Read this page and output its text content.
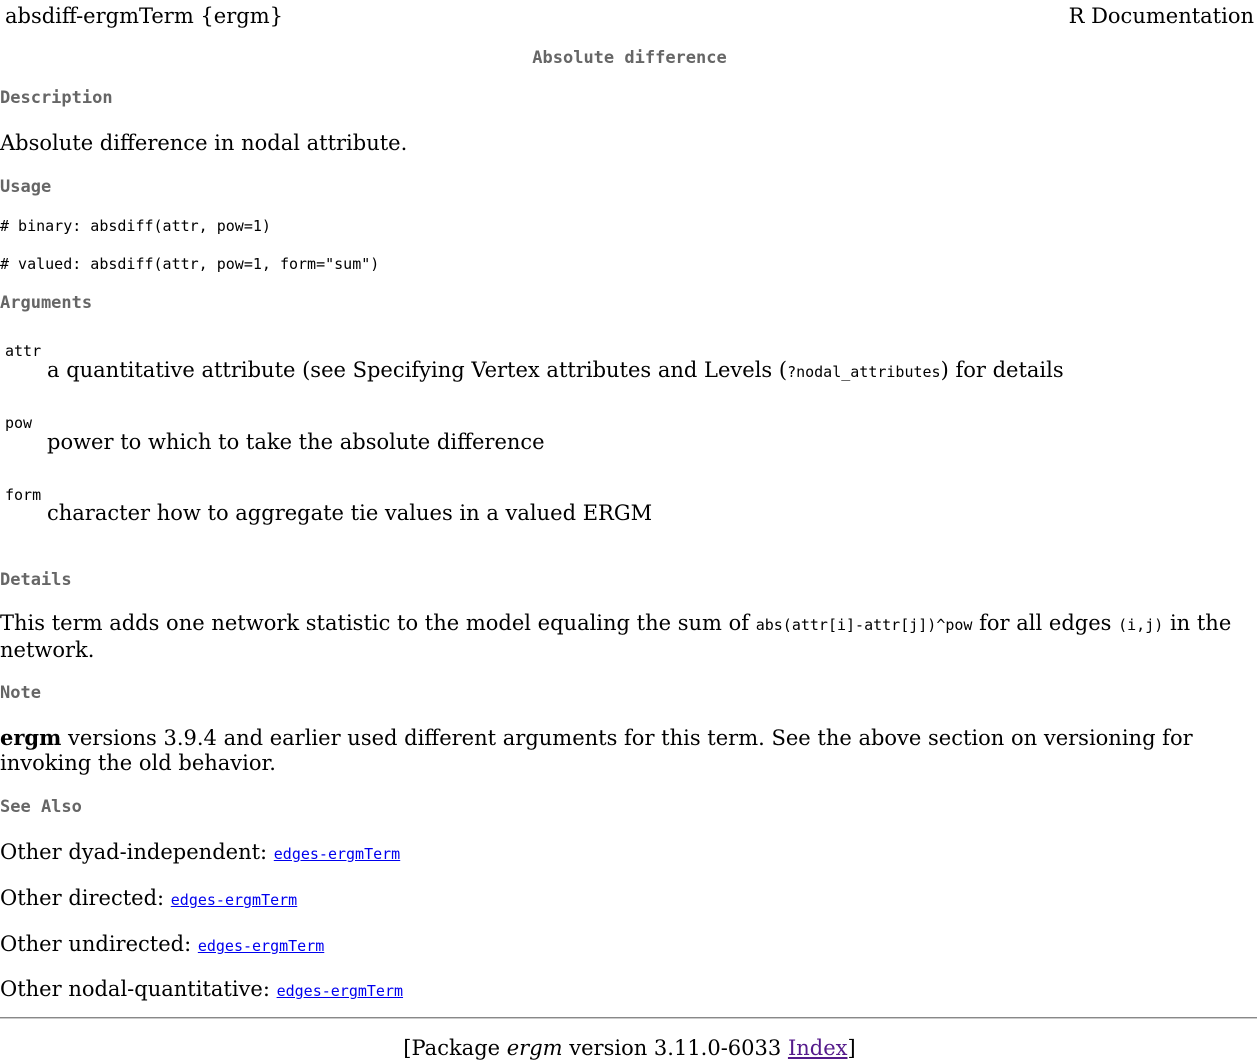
absdiff-ergmTerm {ergm}	R Documentation
Absolute difference
Description
Absolute difference in nodal attribute.
Usage
# binary: absdiff(attr, pow=1)
# valued: absdiff(attr, pow=1, form="sum")
Arguments
attr
a quantitative attribute (see Specifying Vertex attributes and Levels (?nodal_attributes) for details
pow
power to which to take the absolute difference
form
character how to aggregate tie values in a valued ERGM
Details
This term adds one network statistic to the model equaling the sum of abs(attr[i]-attr[j])^pow for all edges (i,j) in the network.
Note
ergm versions 3.9.4 and earlier used different arguments for this term. See the above section on versioning for invoking the old behavior.
See Also
Other dyad-independent: edges-ergmTerm
Other directed: edges-ergmTerm
Other undirected: edges-ergmTerm
Other nodal-quantitative: edges-ergmTerm
[Package ergm version 3.11.0-6033 Index]
